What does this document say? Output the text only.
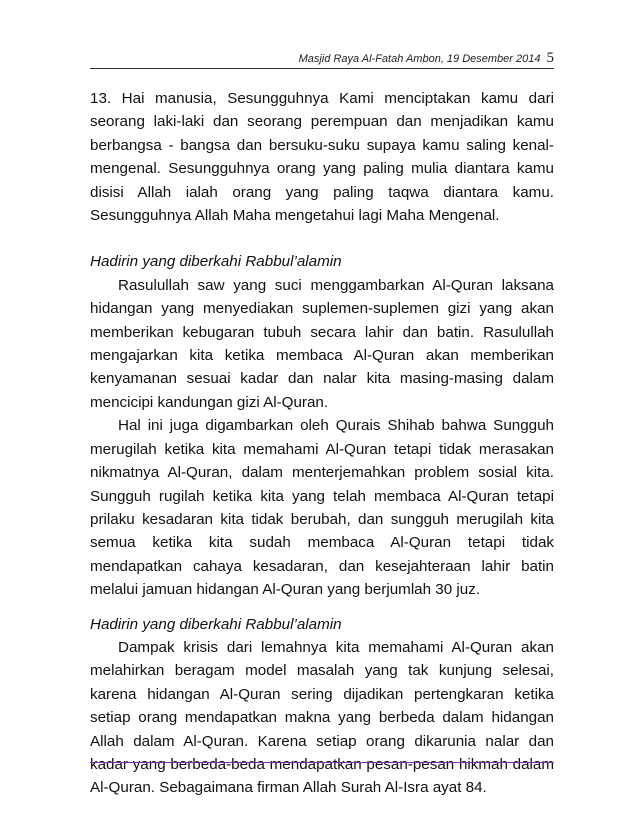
Masjid Raya Al-Fatah Ambon, 19 Desember 2014 5

13. Hai manusia, Sesungguhnya Kami menciptakan kamu dari seorang laki-laki dan seorang perempuan dan menjadikan kamu berbangsa - bangsa dan bersuku-suku supaya kamu saling kenal-mengenal. Sesungguhnya orang yang paling mulia diantara kamu disisi Allah ialah orang yang paling taqwa diantara kamu. Sesungguhnya Allah Maha mengetahui lagi Maha Mengenal.

Hadirin yang diberkahi Rabbul’alamin

Rasulullah saw yang suci menggambarkan Al-Quran laksana hidangan yang menyediakan suplemen-suplemen gizi yang akan memberikan kebugaran tubuh secara lahir dan batin. Rasulullah mengajarkan kita ketika membaca Al-Quran akan memberikan kenyamanan sesuai kadar dan nalar kita masing-masing dalam mencicipi kandungan gizi Al-Quran.

Hal ini juga digambarkan oleh Qurais Shihab bahwa Sungguh merugilah ketika kita memahami Al-Quran tetapi tidak merasakan nikmatnya Al-Quran, dalam menterjemahkan problem sosial kita. Sungguh rugilah ketika kita yang telah membaca Al-Quran tetapi prilaku kesadaran kita tidak berubah, dan sungguh merugilah kita semua ketika kita sudah membaca Al-Quran tetapi tidak mendapatkan cahaya kesadaran, dan kesejahteraan lahir batin melalui jamuan hidangan Al-Quran yang berjumlah 30 juz.

Hadirin yang diberkahi Rabbul’alamin

Dampak krisis dari lemahnya kita memahami Al-Quran akan melahirkan beragam model masalah yang tak kunjung selesai, karena hidangan Al-Quran sering dijadikan pertengkaran ketika setiap orang mendapatkan makna yang berbeda dalam hidangan Allah dalam Al-Quran. Karena setiap orang dikarunia nalar dan kadar yang berbeda-beda mendapatkan pesan-pesan hikmah dalam Al-Quran. Sebagaimana firman Allah Surah Al-Isra ayat 84.
